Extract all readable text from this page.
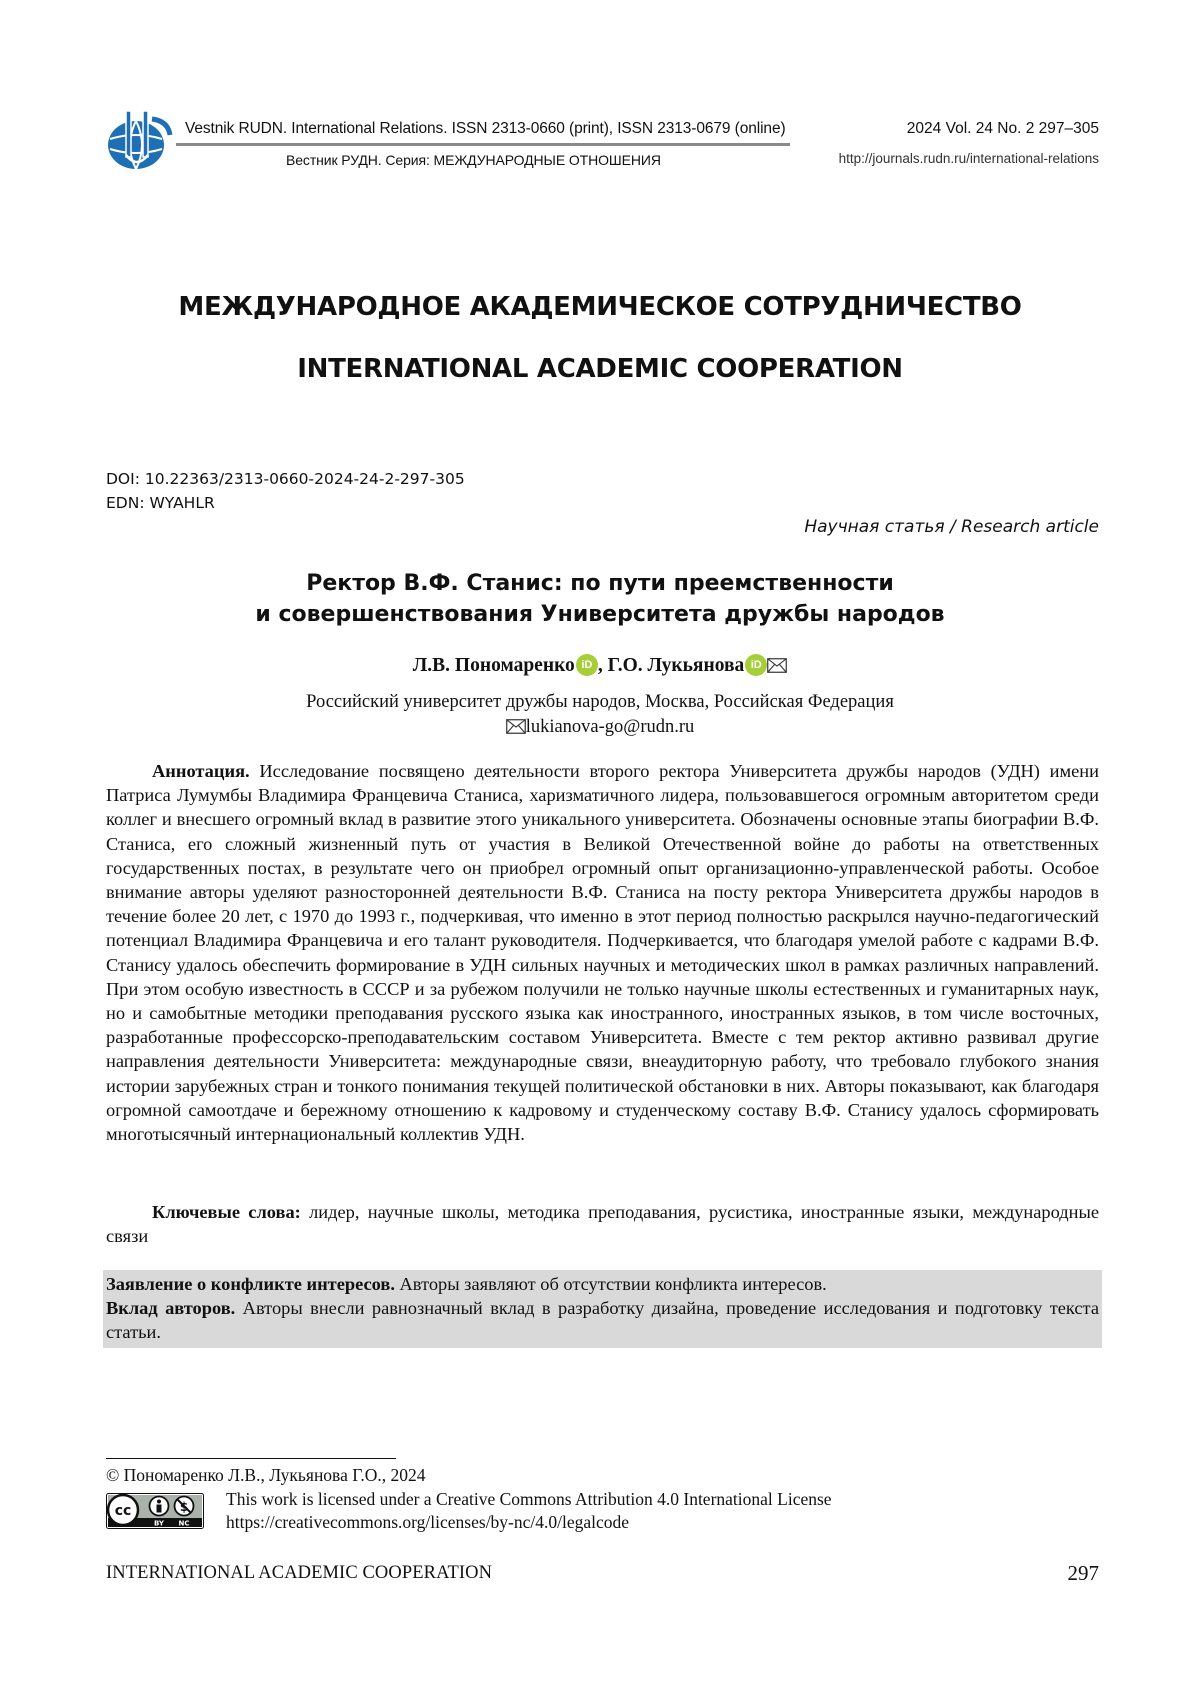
Vestnik RUDN. International Relations. ISSN 2313-0660 (print), ISSN 2313-0679 (online)
Вестник РУДН. Серия: МЕЖДУНАРОДНЫЕ ОТНОШЕНИЯ
2024 Vol. 24 No. 2 297–305
http://journals.rudn.ru/international-relations
МЕЖДУНАРОДНОЕ АКАДЕМИЧЕСКОЕ СОТРУДНИЧЕСТВО
INTERNATIONAL ACADEMIC COOPERATION
DOI: 10.22363/2313-0660-2024-24-2-297-305
EDN: WYAHLR
Научная статья / Research article
Ректор В.Ф. Станис: по пути преемственности
и совершенствования Университета дружбы народов
Л.В. Пономаренко iD , Г.О. Лукьянова iD
Российский университет дружбы народов, Москва, Российская Федерация
lukianova-go@rudn.ru

Аннотация. Исследование посвящено деятельности второго ректора Университета дружбы народов (УДН) имени Патриса Лумумбы Владимира Францевича Станиса, харизматичного лидера, пользовавшегося огромным авторитетом среди коллег и внесшего огромный вклад в развитие этого уникального университета. Обозначены основные этапы биографии В.Ф. Станиса, его сложный жизненный путь от участия в Великой Отечественной войне до работы на ответственных государственных постах, в результате чего он приобрел огромный опыт организационно-управленческой работы. Особое внимание авторы уделяют разносторонней деятельности В.Ф. Станиса на посту ректора Университета дружбы народов в течение более 20 лет, с 1970 до 1993 г., подчеркивая, что именно в этот период полностью раскрылся научно-педагогический потенциал Владимира Францевича и его талант руководителя. Подчеркивается, что благодаря умелой работе с кадрами В.Ф. Станису удалось обеспечить формирование в УДН сильных научных и методических школ в рамках различных направлений. При этом особую известность в СССР и за рубежом получили не только научные школы естественных и гуманитарных наук, но и самобытные методики преподавания русского языка как иностранного, иностранных языков, в том числе восточных, разработанные профессорско-преподавательским составом Университета. Вместе с тем ректор активно развивал другие направления деятельности Университета: международные связи, внеаудиторную работу, что требовало глубокого знания истории зарубежных стран и тонкого понимания текущей политической обстановки в них. Авторы показывают, как благодаря огромной самоотдаче и бережному отношению к кадровому и студенческому составу В.Ф. Станису удалось сформировать многотысячный интернациональный коллектив УДН.

Ключевые слова: лидер, научные школы, методика преподавания, русистика, иностранные языки, международные связи

Заявление о конфликте интересов. Авторы заявляют об отсутствии конфликта интересов.

Вклад авторов. Авторы внесли равнозначный вклад в разработку дизайна, проведение исследования и подготовку текста статьи.

© Пономаренко Л.В., Лукьянова Г.О., 2024
cc
BY NC
This work is licensed under a Creative Commons Attribution 4.0 International License
https://creativecommons.org/licenses/by-nc/4.0/legalcode
INTERNATIONAL ACADEMIC COOPERATION	297
